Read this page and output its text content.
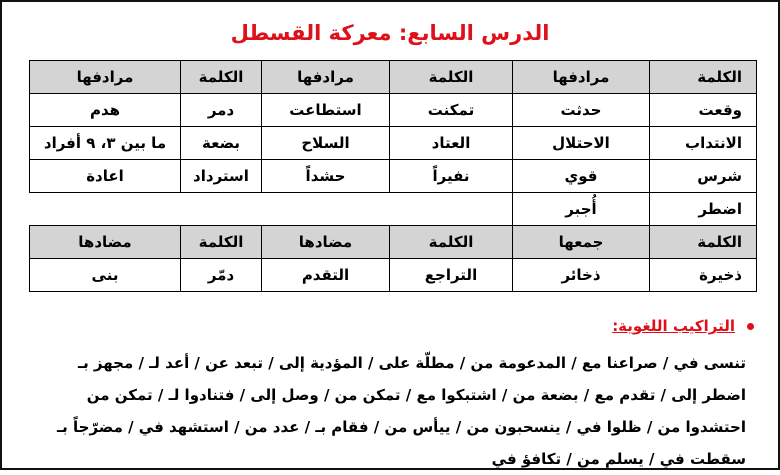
الدرس السابع: معركة القسطل
الكلمة	مرادفها	الكلمة	مرادفها	الكلمة	مرادفها
وقعت	حدثت	تمكنت	استطاعت	دمر	هدم
الانتداب	الاحتلال	العتاد	السلاح	بضعة	ما بين ٣، ٩ أفراد
شرس	قوي	نفيراً	حشداً	استرداد	اعادة
اضطر	أُجبر				
الكلمة	جمعها	الكلمة	مضادها	الكلمة	مضادها
ذخيرة	ذخائر	التراجع	التقدم	دمّر	بنى
التراكيب اللغوية:
تنسى في / صراعنا مع / المدعومة من / مطلّة على / المؤدية إلى / تبعد عن / أعد لـ / مجهز بـ
اضطر إلى / تقدم مع / بضعة من / اشتبكوا مع / تمكن من / وصل إلى / فتنادوا لـ / تمكن من
احتشدوا من / ظلوا في / ينسحبون من / ييأس من / فقام بـ / عدد من / استشهد في / مضرّجاً بـ
سقطت في / يسلم من / تكافؤ في
